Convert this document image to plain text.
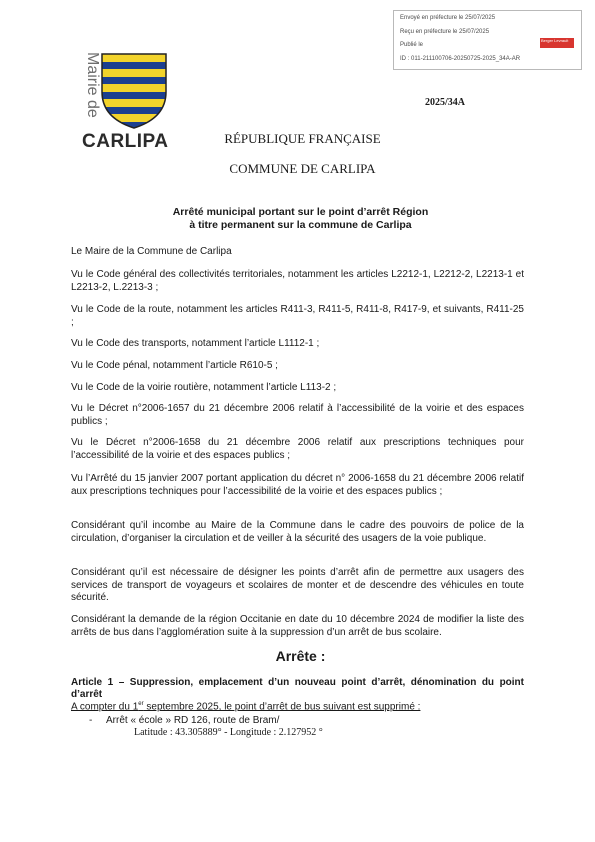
Envoyé en préfecture le 25/07/2025
Reçu en préfecture le 25/07/2025
Publié le
ID : 011-211100706-20250725-2025_34A-AR
Berger Levrault
Mairie de
CARLIPA
2025/34A
RÉPUBLIQUE FRANÇAISE
COMMUNE DE CARLIPA
Arrêté municipal portant sur le point d’arrêt Région
à titre permanent sur la commune de Carlipa

Le Maire de la Commune de Carlipa

Vu le Code général des collectivités territoriales, notamment les articles L2212-1, L2212-2, L2213-1 et L2213-2, L.2213-3 ;

Vu le Code de la route, notamment les articles R411-3, R411-5, R411-8, R417-9, et suivants, R411-25 ;

Vu le Code des transports, notamment l’article L1112-1 ;

Vu le Code pénal, notamment l’article R610-5 ;

Vu le Code de la voirie routière, notamment l’article L113-2 ;

Vu le Décret n°2006-1657 du 21 décembre 2006 relatif à l’accessibilité de la voirie et des espaces publics ;

Vu le Décret n°2006-1658 du 21 décembre 2006 relatif aux prescriptions techniques pour l’accessibilité de la voirie et des espaces publics ;

Vu l’Arrêté du 15 janvier 2007 portant application du décret n° 2006-1658 du 21 décembre 2006 relatif aux prescriptions techniques pour l’accessibilité de la voirie et des espaces publics ;

Considérant qu’il incombe au Maire de la Commune dans le cadre des pouvoirs de police de la circulation, d’organiser la circulation et de veiller à la sécurité des usagers de la voie publique.

Considérant qu’il est nécessaire de désigner les points d’arrêt afin de permettre aux usagers des services de transport de voyageurs et scolaires de monter et de descendre des véhicules en toute sécurité.

Considérant la demande de la région Occitanie en date du 10 décembre 2024 de modifier la liste des arrêts de bus dans l’agglomération suite à la suppression d’un arrêt de bus scolaire.

Arrête :
Article 1 – Suppression, emplacement d’un nouveau point d’arrêt, dénomination du point d’arrêt
A compter du 1er septembre 2025, le point d’arrêt de bus suivant est supprimé :
- Arrêt « école » RD 126, route de Bram/
Latitude : 43.305889° - Longitude : 2.127952 °
